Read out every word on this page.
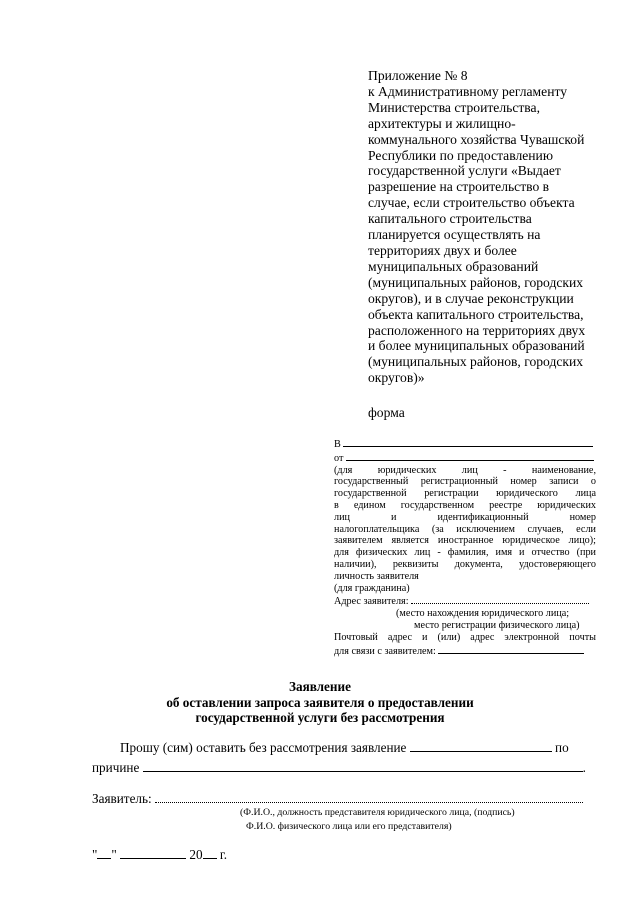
Приложение № 8
к Административному регламенту
Министерства строительства,
архитектуры и жилищно-
коммунального хозяйства Чувашской
Республики по предоставлению
государственной услуги «Выдает
разрешение на строительство в
случае, если строительство объекта
капитального строительства
планируется осуществлять на
территориях двух и более
муниципальных образований
(муниципальных районов, городских
округов), и в случае реконструкции
объекта капитального строительства,
расположенного на территориях двух
и более муниципальных образований
(муниципальных районов, городских
округов)»
форма
В
от
(для юридических лиц - наименование,
государственный регистрационный номер записи о
государственной регистрации юридического лица
в едином государственном реестре юридических
лиц и идентификационный номер
налогоплательщика (за исключением случаев, если
заявителем является иностранное юридическое лицо);
для физических лиц - фамилия, имя и отчество (при
наличии), реквизиты документа, удостоверяющего
личность заявителя
(для гражданина)
Адрес заявителя:
(место нахождения юридического лица;
место регистрации физического лица)
Почтовый адрес и (или) адрес электронной почты
для связи с заявителем:
Заявление
об оставлении запроса заявителя о предоставлении
государственной услуги без рассмотрения
Прошу (сим) оставить без рассмотрения заявление	по
причине	.
Заявитель:
(Ф.И.О., должность представителя юридического лица, (подпись)
Ф.И.О. физического лица или его представителя)
" "	20 г.
